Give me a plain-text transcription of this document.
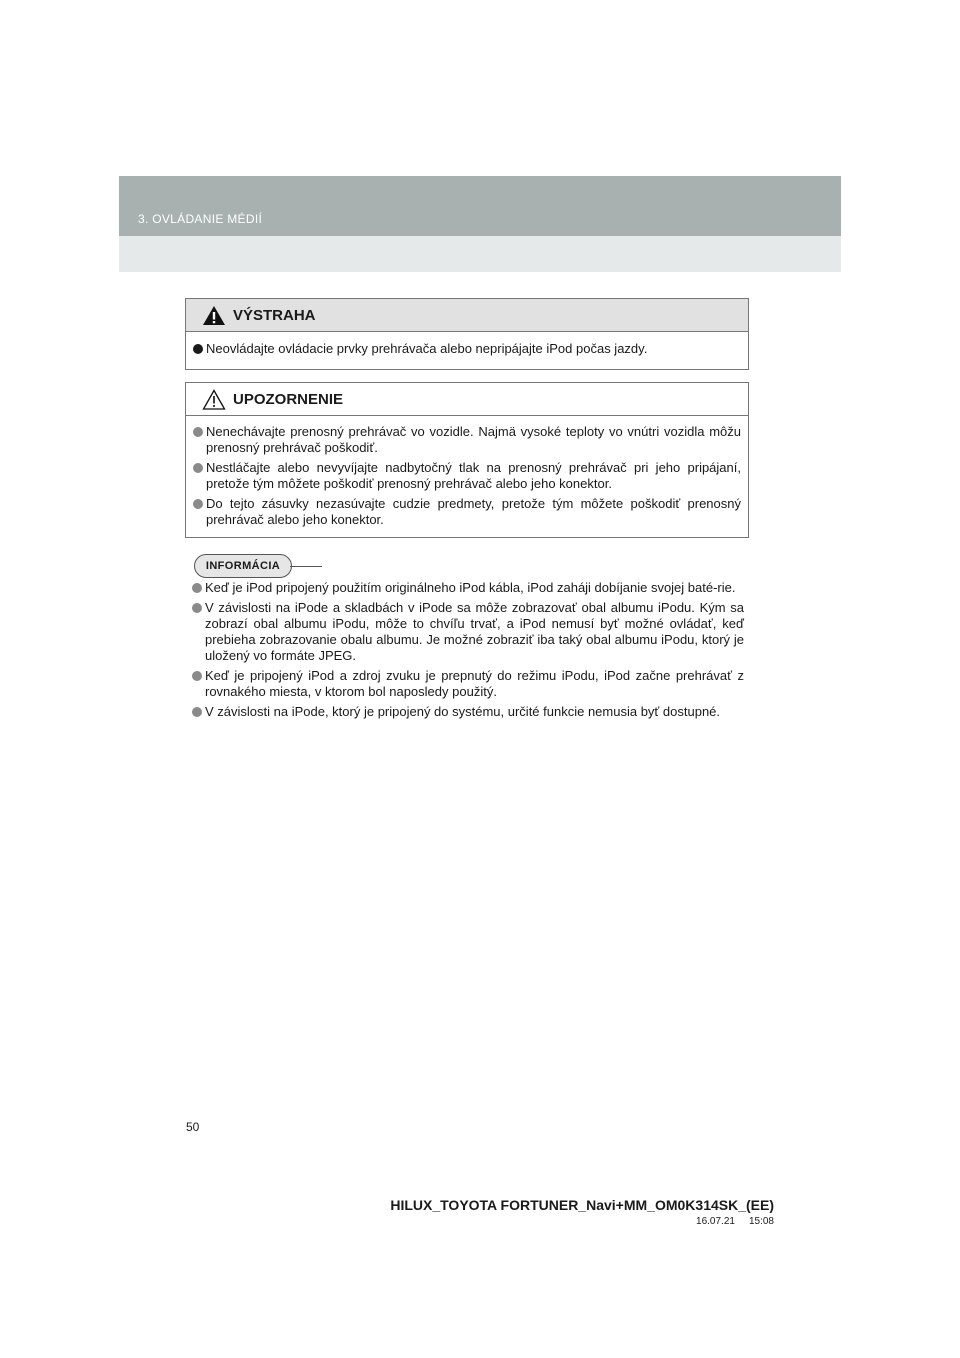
3. OVLÁDANIE MÉDIÍ
VÝSTRAHA
Neovládajte ovládacie prvky prehrávača alebo nepripájajte iPod počas jazdy.
UPOZORNENIE
Nenechávajte prenosný prehrávač vo vozidle. Najmä vysoké teploty vo vnútri vozidla môžu prenosný prehrávač poškodiť.
Nestláčajte alebo nevyvíjajte nadbytočný tlak na prenosný prehrávač pri jeho pripájaní, pretože tým môžete poškodiť prenosný prehrávač alebo jeho konektor.
Do tejto zásuvky nezasúvajte cudzie predmety, pretože tým môžete poškodiť prenosný prehrávač alebo jeho konektor.
INFORMÁCIA
Keď je iPod pripojený použitím originálneho iPod kábla, iPod zaháji dobíjanie svojej baté-rie.
V závislosti na iPode a skladbách v iPode sa môže zobrazovať obal albumu iPodu. Kým sa zobrazí obal albumu iPodu, môže to chvíľu trvať, a iPod nemusí byť možné ovládať, keď prebieha zobrazovanie obalu albumu. Je možné zobraziť iba taký obal albumu iPodu, ktorý je uložený vo formáte JPEG.
Keď je pripojený iPod a zdroj zvuku je prepnutý do režimu iPodu, iPod začne prehrávať z rovnakého miesta, v ktorom bol naposledy použitý.
V závislosti na iPode, ktorý je pripojený do systému, určité funkcie nemusia byť dostupné.
50
HILUX_TOYOTA FORTUNER_Navi+MM_OM0K314SK_(EE)
16.07.21 15:08
